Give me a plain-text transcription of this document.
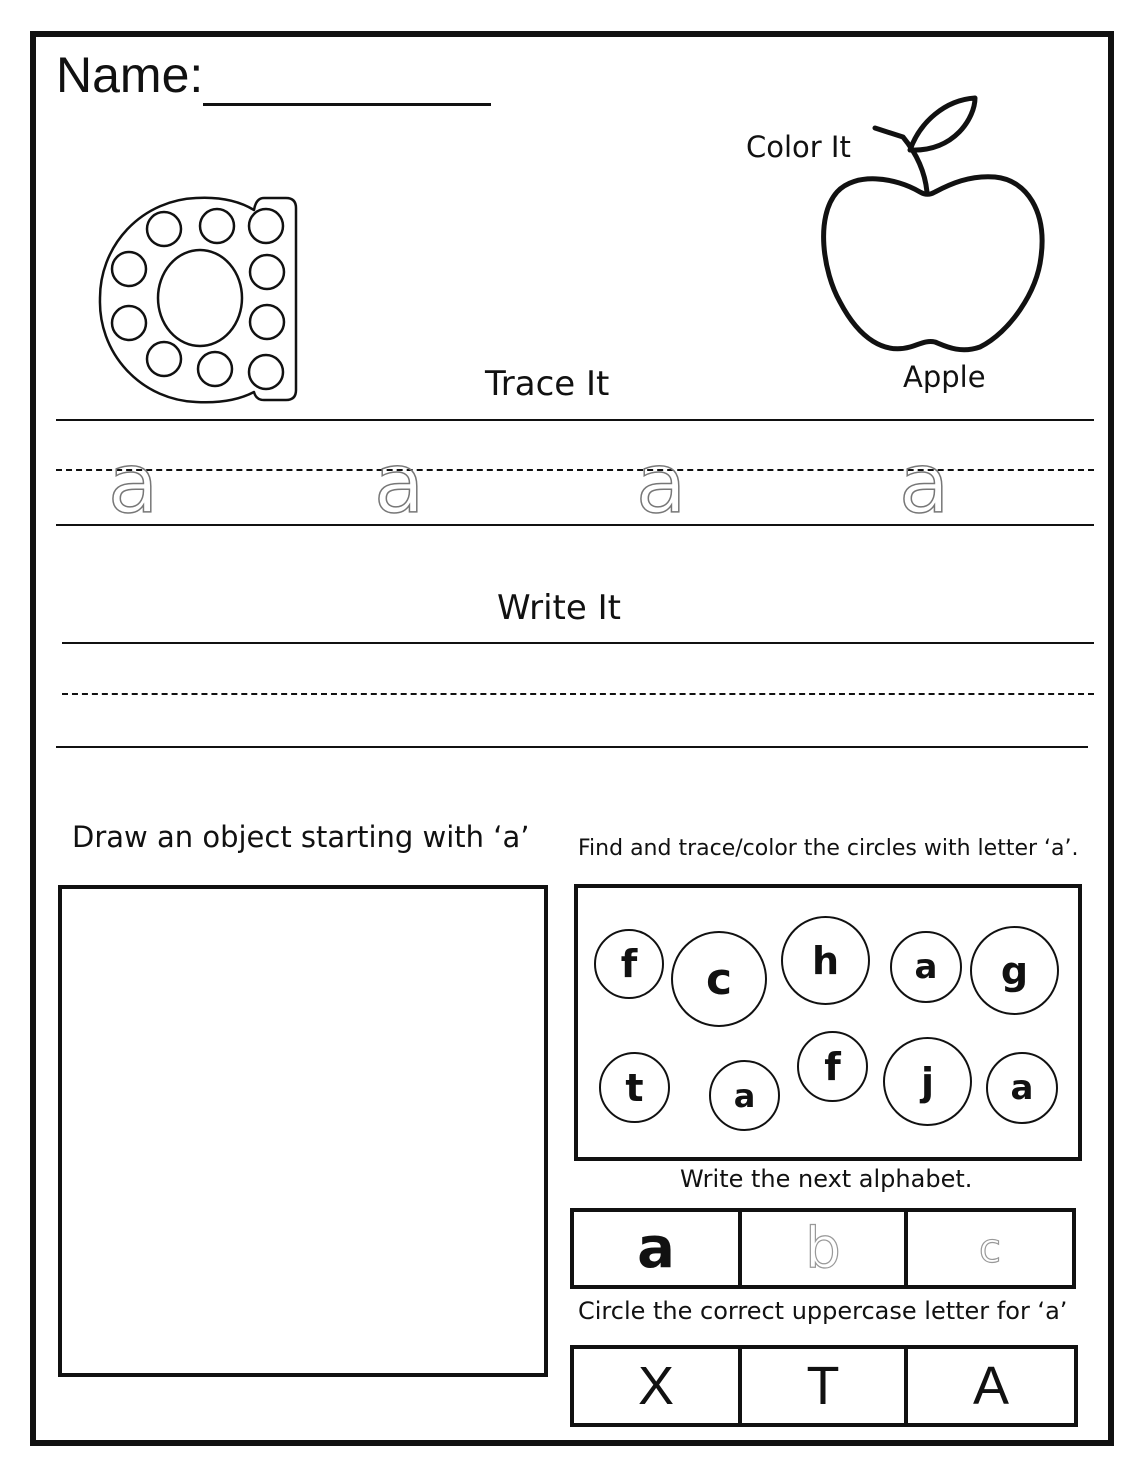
Name:
Color It
Apple
Trace It
a	a	a	a
Write It
Draw an object starting with ‘a’ Find and trace/color the circles with letter ‘a’.
f	c	h	a	g
t	a
f	j	a
Write the next alphabet.
a	b	c
Circle the correct uppercase letter for ‘a’
X	T	A
